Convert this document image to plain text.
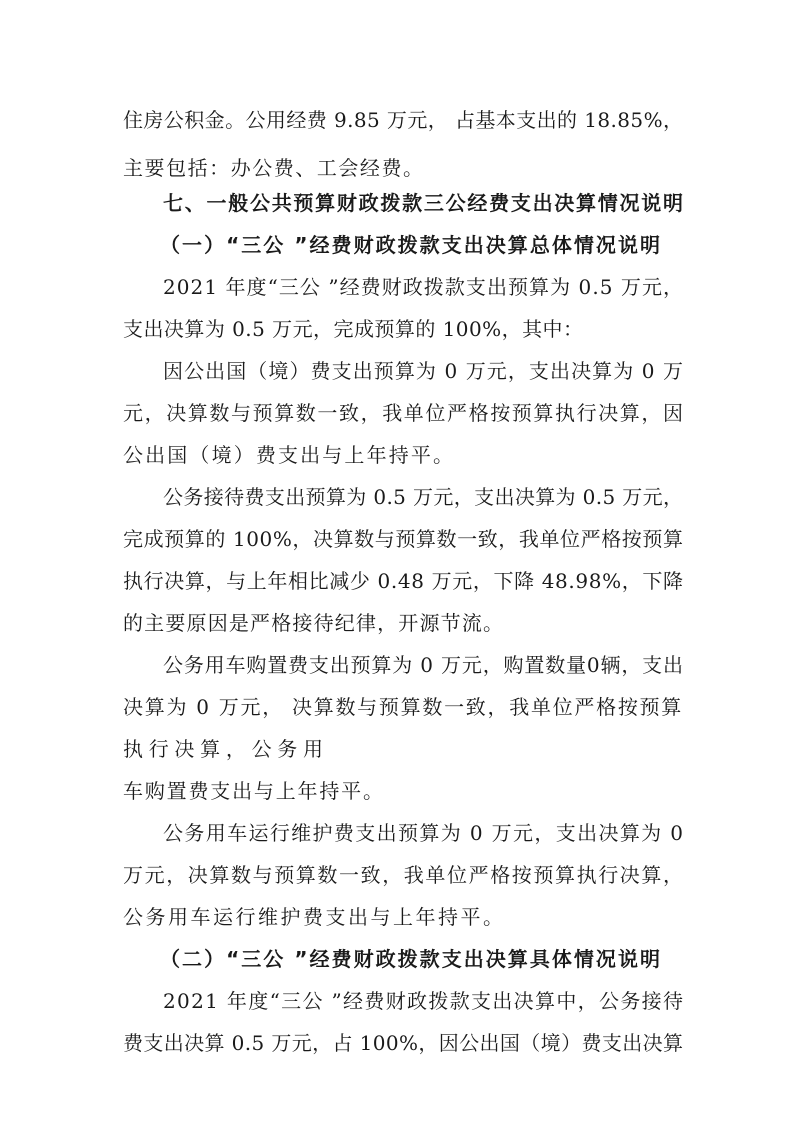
住房公积金。公用经费 9.85 万元， 占基本支出的 18.85%，
主要包括：办公费、工会经费。
七、一般公共预算财政拨款三公经费支出决算情况说明
（一）“三公 ”经费财政拨款支出决算总体情况说明
2021 年度“三公 ”经费财政拨款支出预算为 0.5 万元，
支出决算为 0.5 万元，完成预算的 100%，其中：
因公出国（境）费支出预算为 0 万元，支出决算为 0 万
元，决算数与预算数一致，我单位严格按预算执行决算，因
公出国（境）费支出与上年持平。
公务接待费支出预算为 0.5 万元，支出决算为 0.5 万元，
完成预算的 100%，决算数与预算数一致，我单位严格按预算
执行决算，与上年相比减少 0.48 万元，下降 48.98%，下降
的主要原因是严格接待纪律，开源节流。
公务用车购置费支出预算为 0 万元，购置数量0辆，支出
决算为 0 万元， 决算数与预算数一致，我单位严格按预算
执行决算，公务用
车购置费支出与上年持平。
公务用车运行维护费支出预算为 0 万元，支出决算为 0
万元，决算数与预算数一致，我单位严格按预算执行决算，
公务用车运行维护费支出与上年持平。
（二）“三公 ”经费财政拨款支出决算具体情况说明
2021 年度“三公 ”经费财政拨款支出决算中，公务接待
费支出决算 0.5 万元，占 100%，因公出国（境）费支出决算
